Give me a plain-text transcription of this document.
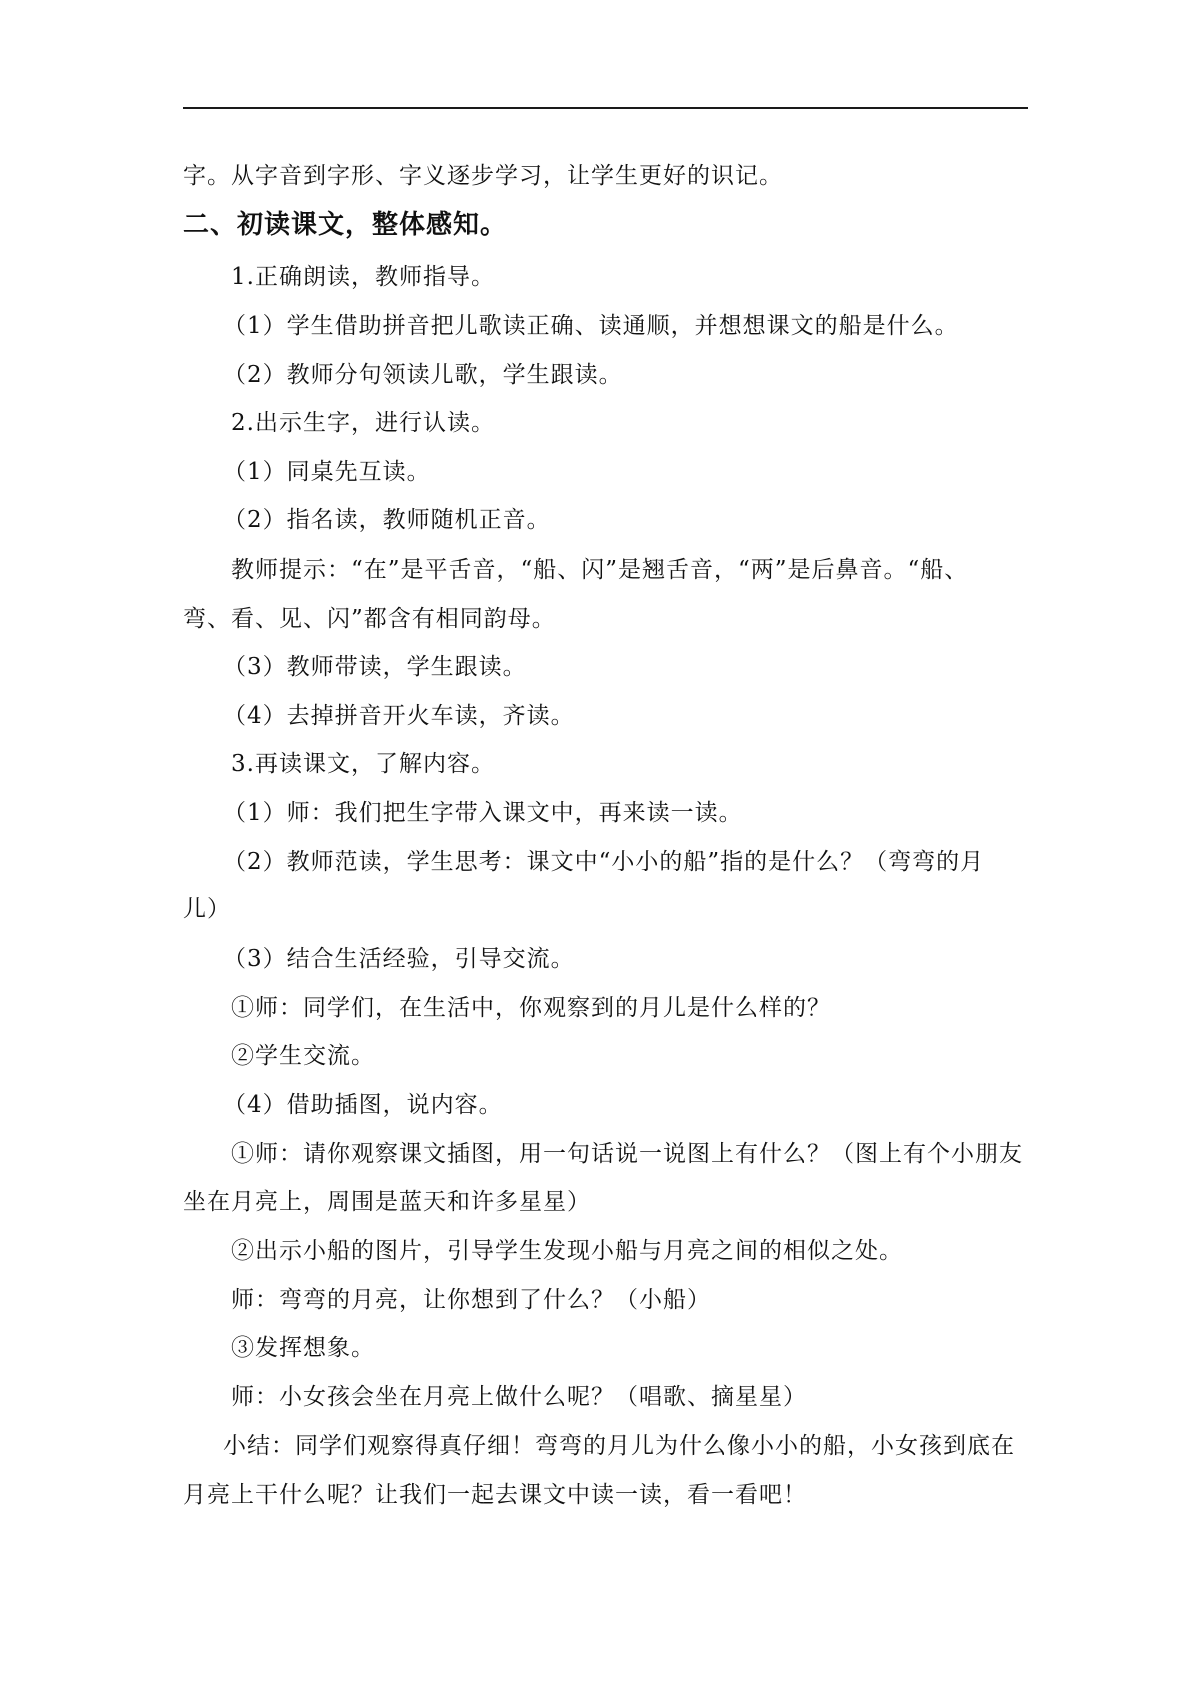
字。从字音到字形、字义逐步学习，让学生更好的识记。
二、初读课文，整体感知。
1.正确朗读，教师指导。
（1）学生借助拼音把儿歌读正确、读通顺，并想想课文的船是什么。
（2）教师分句领读儿歌，学生跟读。
2.出示生字，进行认读。
（1）同桌先互读。
（2）指名读，教师随机正音。
教师提示：“在”是平舌音，“船、闪”是翘舌音，“两”是后鼻音。“船、
弯、看、见、闪”都含有相同韵母。
（3）教师带读，学生跟读。
（4）去掉拼音开火车读，齐读。
3.再读课文，了解内容。
（1）师：我们把生字带入课文中，再来读一读。
（2）教师范读，学生思考：课文中“小小的船”指的是什么？（弯弯的月
儿）
（3）结合生活经验，引导交流。
①师：同学们，在生活中，你观察到的月儿是什么样的？
②学生交流。
（4）借助插图，说内容。
①师：请你观察课文插图，用一句话说一说图上有什么？（图上有个小朋友
坐在月亮上，周围是蓝天和许多星星）
②出示小船的图片，引导学生发现小船与月亮之间的相似之处。
师：弯弯的月亮，让你想到了什么？（小船）
③发挥想象。
师：小女孩会坐在月亮上做什么呢？（唱歌、摘星星）
小结：同学们观察得真仔细！弯弯的月儿为什么像小小的船，小女孩到底在
月亮上干什么呢？让我们一起去课文中读一读，看一看吧！
